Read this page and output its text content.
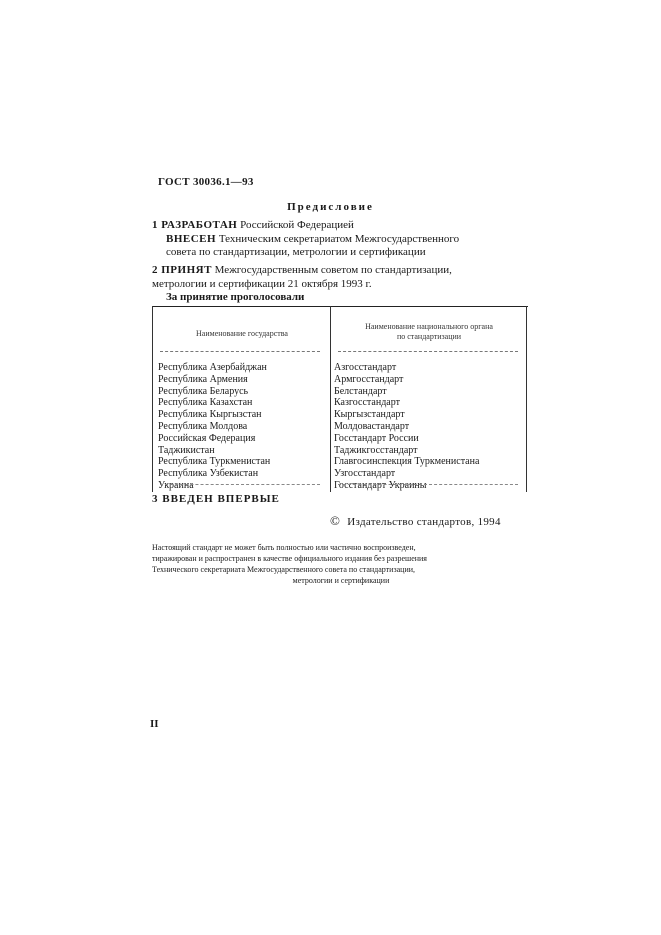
ГОСТ 30036.1—93
Предисловие
1 РАЗРАБОТАН Российской Федерацией
ВНЕСЕН Техническим секретариатом Межгосударственного
совета по стандартизации, метрологии и сертификации
2 ПРИНЯТ Межгосударственным советом по стандартизации,
метрологии и сертификации 21 октября 1993 г.
За принятие проголосовали
Наименование государства
Наименование национального органа
по стандартизации
Республика Азербайджан
Республика Армения
Республика Беларусь
Республика Казахстан
Республика Кыргызстан
Республика Молдова
Российская Федерация
Таджикистан
Республика Туркменистан
Республика Узбекистан
Украина
Азгосстандарт
Армгосстандарт
Белстандарт
Казгосстандарт
Кыргызстандарт
Молдовастандарт
Госстандарт России
Таджикгосстандарт
Главгосинспекция Туркменистана
Узгосстандарт
Госстандарт Украины
3 ВВЕДЕН ВПЕРВЫЕ
© Издательство стандартов, 1994
Настоящий стандарт не может быть полностью или частично воспроизведен,
тиражирован и распространен в качестве официального издания без разрешения
Технического секретариата Межгосударственного совета по стандартизации,
метрологии и сертификации
II
